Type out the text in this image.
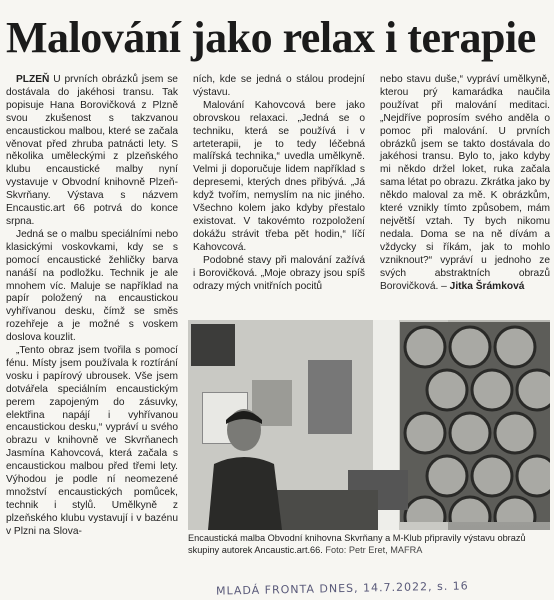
Malování jako relax i terapie

PLZEŇ U prvních obrázků jsem se dostávala do jakéhosi transu. Tak popisuje Hana Borovičková z Plzně svou zkušenost s takzvanou encaustickou malbou, které se začala věnovat před zhruba patnácti lety. S několika uměleckými z plzeňského klubu encaustické malby nyní vystavuje v Obvodní knihovně Plzeň-Skvrňany. Výstava s názvem Encaustic.art 66 potrvá do konce srpna.

Jedná se o malbu speciálními nebo klasickými voskovkami, kdy se s pomocí encaustické žehličky barva nanáší na podložku. Technik je ale mnohem víc. Maluje se například na papír položený na encaustickou vyhřívanou desku, čímž se směs rozehřeje a je možné s voskem doslova kouzlit.

„Tento obraz jsem tvořila s pomocí fénu. Místy jsem používala k roztírání vosku i papírový ubrousek. Vše jsem dotvářela speciálním encaustickým perem zapojeným do zásuvky, elektřina napájí i vyhřívanou encaustickou desku,“ vypráví u svého obrazu v knihovně ve Skvrňanech Jasmína Kahovcová, která začala s encaustickou malbou před třemi lety. Výhodou je podle ní neomezené množství encaustických pomůcek, technik i stylů. Umělkyně z plzeňského klubu vystavují i v bazénu v Plzni na Slova-

ních, kde se jedná o stálou prodejní výstavu.

Malování Kahovcová bere jako obrovskou relaxaci. „Jedná se o techniku, která se používá i v arteterapii, je to tedy léčebná malířská technika,“ uvedla umělkyně. Velmi ji doporučuje lidem například s depresemi, kterých dnes přibývá. „Já když tvořím, nemyslím na nic jiného. Všechno kolem jako kdyby přestalo existovat. V takovémto rozpoložení dokážu strávit třeba pět hodin,“ líčí Kahovcová.

Podobné stavy při malování zažívá i Borovičková. „Moje obrazy jsou spíš odrazy mých vnitřních pocitů

nebo stavu duše,“ vypráví umělkyně, kterou prý kamarádka naučila používat při malování meditaci. „Nejdříve poprosím svého anděla o pomoc při malování. U prvních obrázků jsem se takto dostávala do jakéhosi transu. Bylo to, jako kdyby mi někdo držel loket, ruka začala sama létat po obrazu. Zkrátka jako by někdo maloval za mě. K obrázkům, které vznikly tímto způsobem, mám největší vztah. Ty bych nikomu nedala. Doma se na ně dívám a vždycky si říkám, jak to mohlo vzniknout?“ vypráví u jednoho ze svých abstraktních obrazů Borovičková. – Jitka Šrámková

Encaustická malba Obvodní knihovna Skvrňany a M-Klub připravily výstavu obrazů skupiny autorek Ancaustic.art.66. Foto: Petr Eret, MAFRA
MLADÁ FRONTA DNES, 14.7.2022, s. 16
